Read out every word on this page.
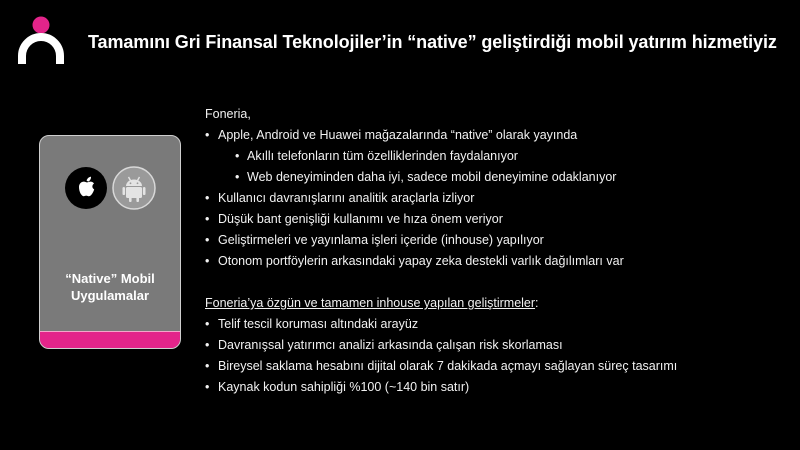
Tamamını Gri Finansal Teknolojiler’in “native” geliştirdiği mobil yatırım hizmetiyiz
“Native” Mobil
Uygulamalar

Foneria,

• Apple, Android ve Huawei mağazalarında “native” olarak yayında
• Akıllı telefonların tüm özelliklerinden faydalanıyor
• Web deneyiminden daha iyi, sadece mobil deneyimine odaklanıyor
• Kullanıcı davranışlarını analitik araçlarla izliyor
• Düşük bant genişliği kullanımı ve hıza önem veriyor
• Geliştirmeleri ve yayınlama işleri içeride (inhouse) yapılıyor
• Otonom portföylerin arkasındaki yapay zeka destekli varlık dağılımları var

Foneria’ya özgün ve tamamen inhouse yapılan geliştirmeler:

• Telif tescil koruması altındaki arayüz
• Davranışsal yatırımcı analizi arkasında çalışan risk skorlaması
• Bireysel saklama hesabını dijital olarak 7 dakikada açmayı sağlayan süreç tasarımı
• Kaynak kodun sahipliği %100 (~140 bin satır)
